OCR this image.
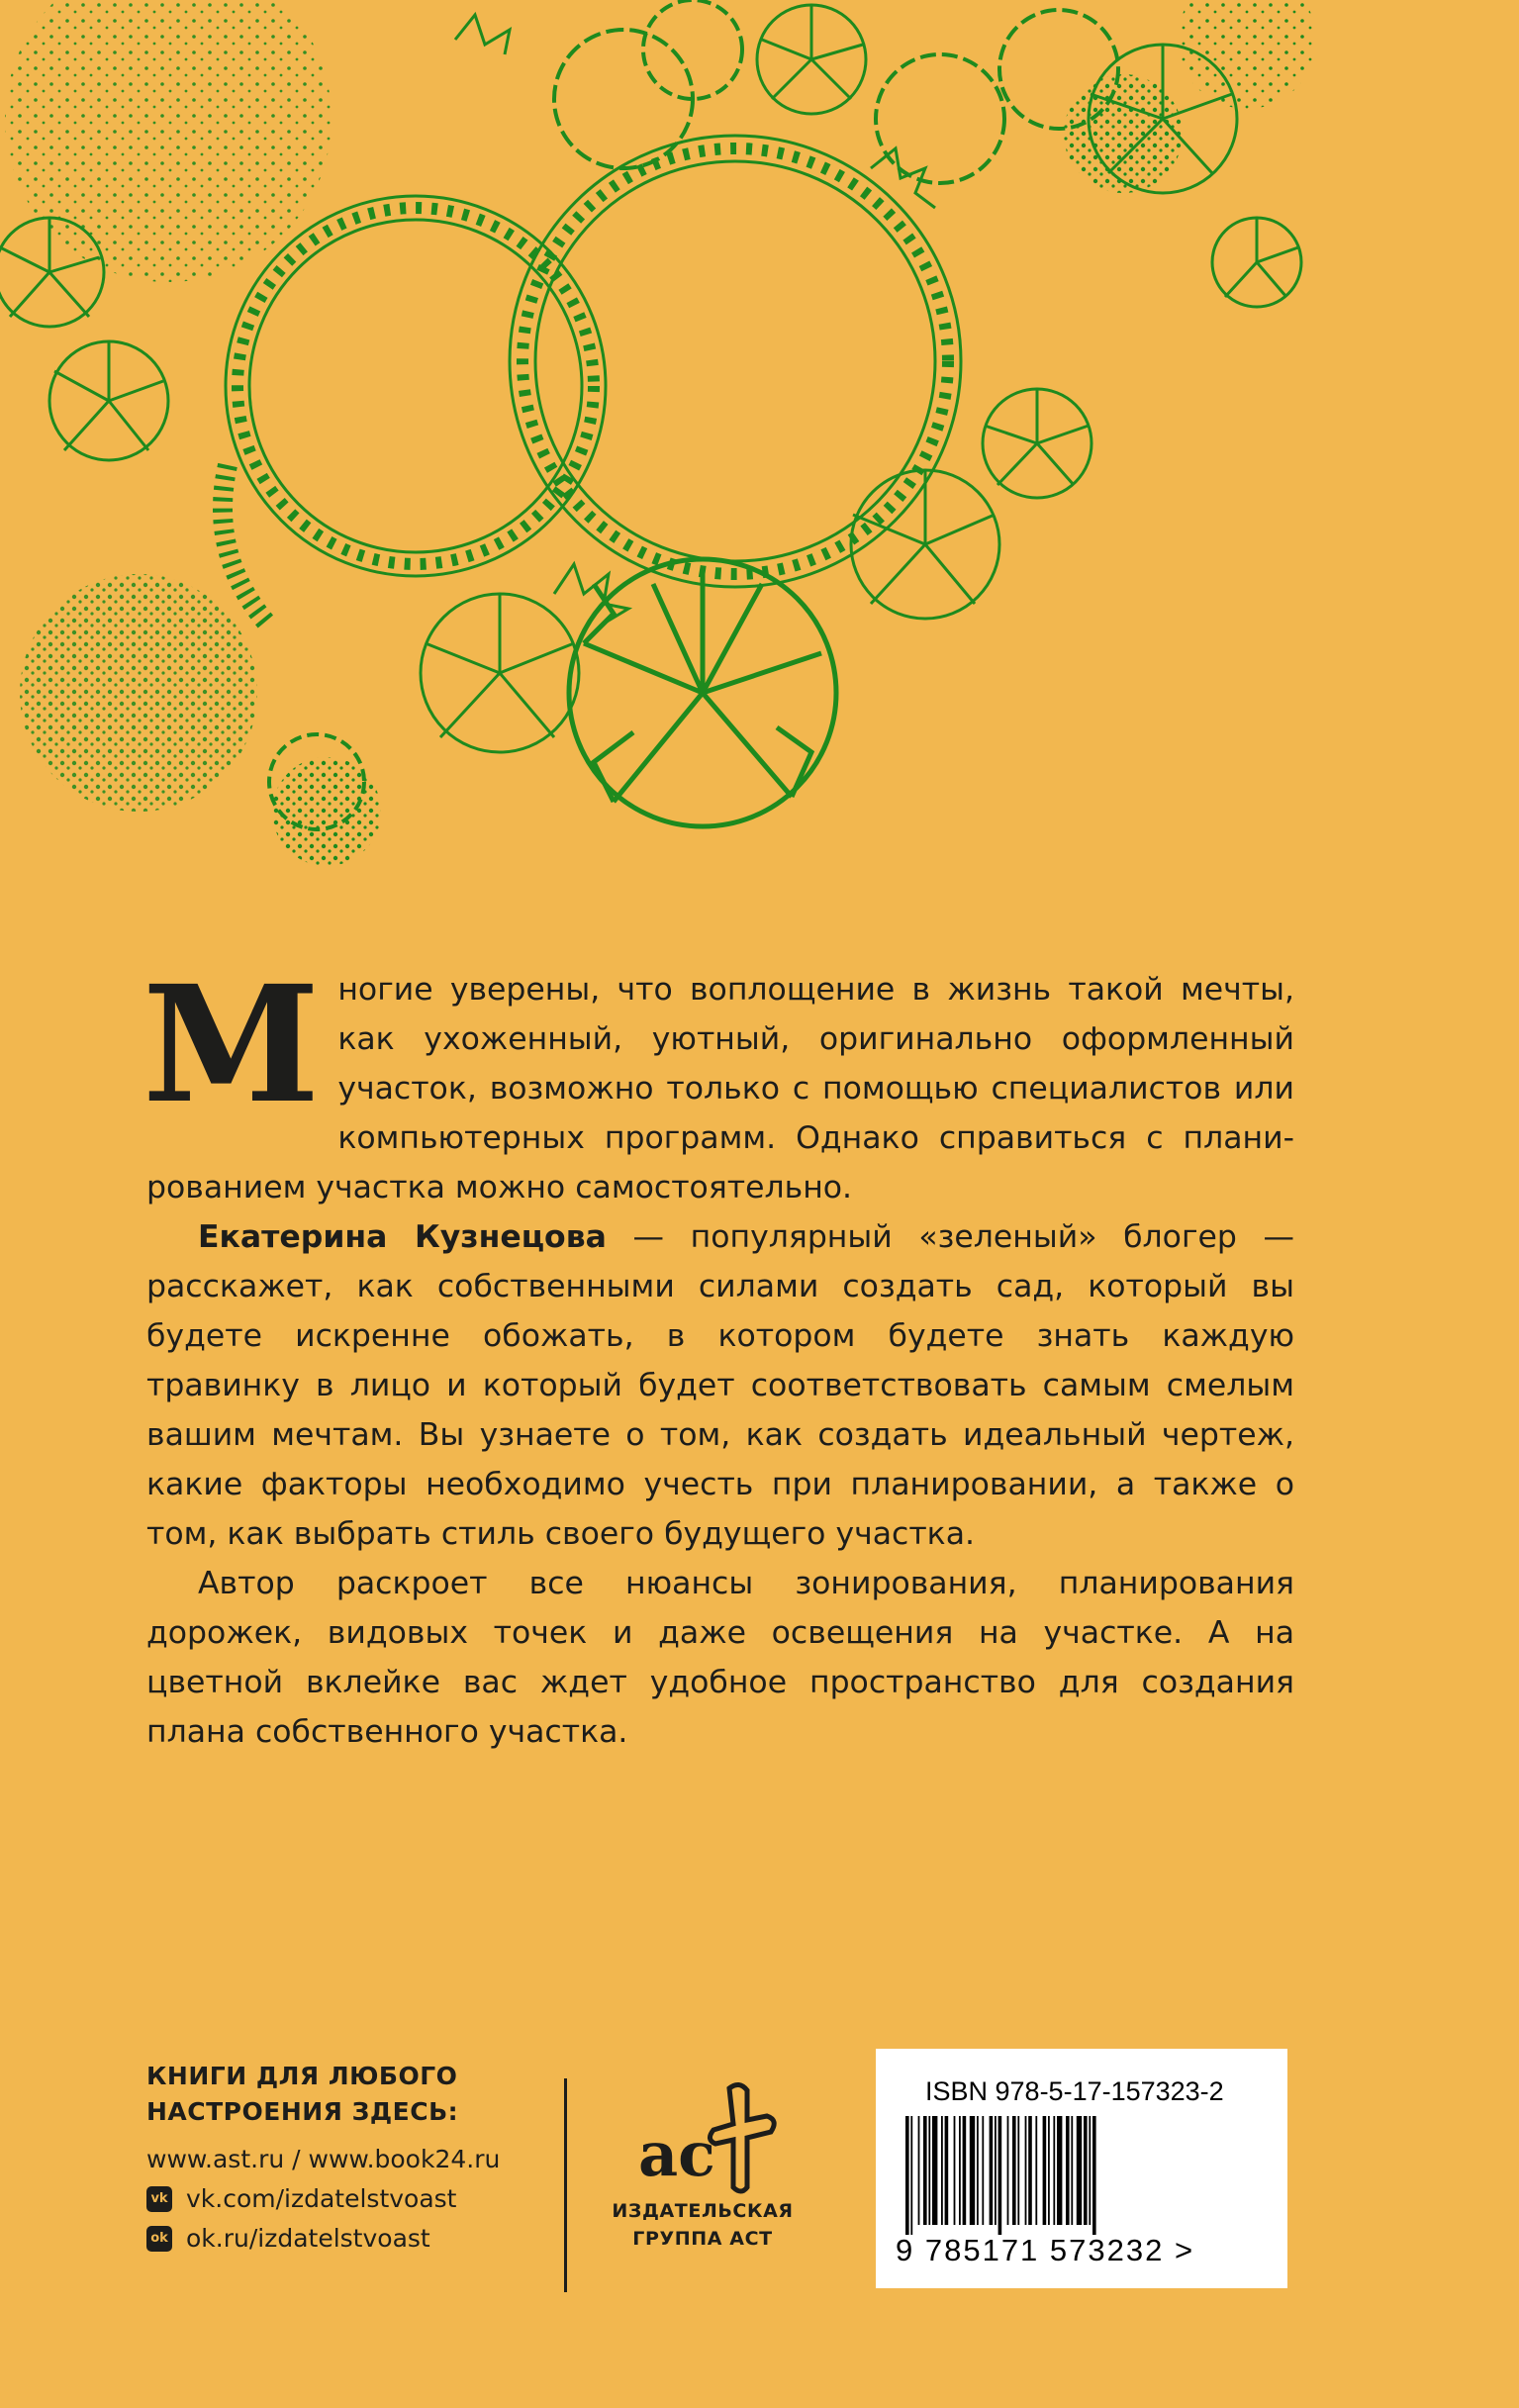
Многие уверены, что воплощение в жизнь такой мечты, как ухоженный, уютный, оригинально оформленный участок, возможно только с помощью специалистов или компьютерных программ. Однако справиться с планированием участка можно самостоятельно.

Екатерина Кузнецова — популярный «зеленый» блогер — расскажет, как собственными силами создать сад, который вы будете искренне обожать, в котором будете знать каждую травинку в лицо и который будет соответствовать самым смелым вашим мечтам. Вы узнаете о том, как создать идеальный чертеж, какие факторы необходимо учесть при планировании, а также о том, как выбрать стиль своего будущего участка.

Автор раскроет все нюансы зонирования, планирования дорожек, видовых точек и даже освещения на участке. А на цветной вклейке вас ждет удобное пространство для создания плана собственного участка.

КНИГИ ДЛЯ ЛЮБОГО
НАСТРОЕНИЯ ЗДЕСЬ:
www.ast.ru / www.book24.ru
vk vk.com/izdatelstvoast
ok ok.ru/izdatelstvoast
ac
ИЗДАТЕЛЬСКАЯ
ГРУППА АСТ
ISBN 978-5-17-157323-2
9 785171 573232 >
